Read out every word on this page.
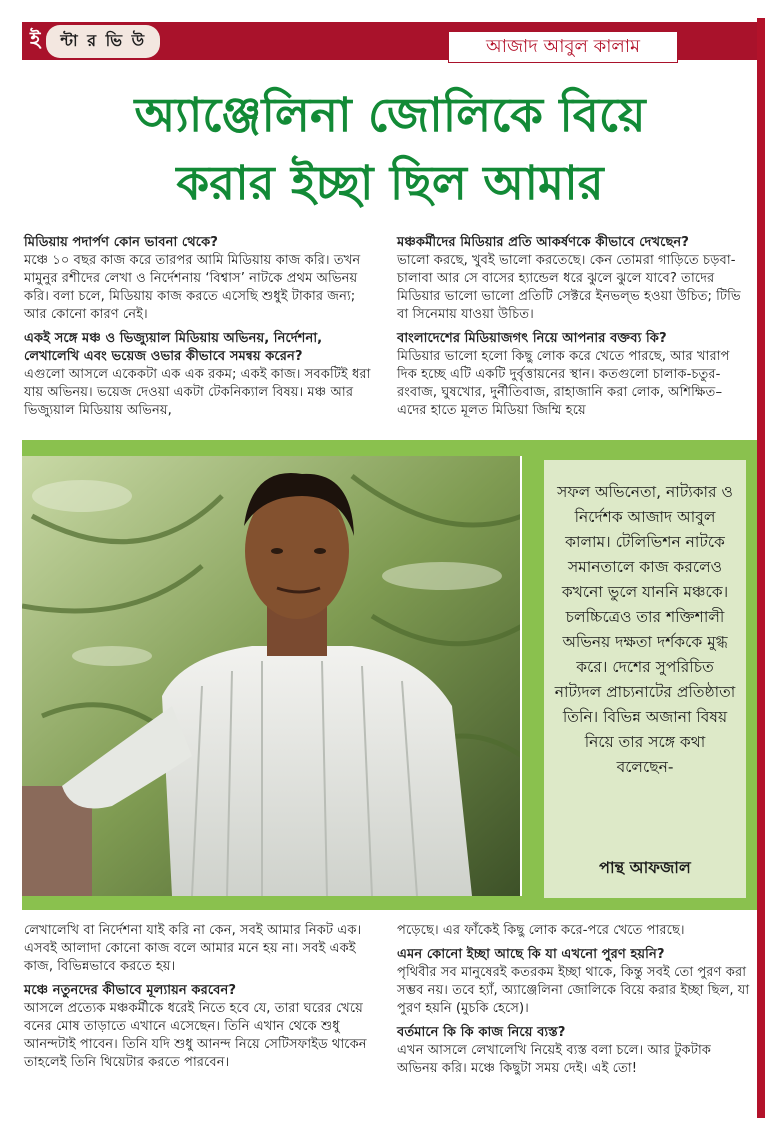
ই	ন্টা র ভি উ	আজাদ আবুল কালাম
অ্যাঞ্জেলিনা জোলিকে বিয়ে
করার ইচ্ছা ছিল আমার
মিডিয়ায় পদার্পণ কোন ভাবনা থেকে?
মঞ্চে ১০ বছর কাজ করে তারপর আমি মিডিয়ায় কাজ করি। তখন মামুনুর রশীদের লেখা ও নির্দেশনায় ‘বিশ্বাস’ নাটকে প্রথম অভিনয় করি। বলা চলে, মিডিয়ায় কাজ করতে এসেছি শুধুই টাকার জন্য; আর কোনো কারণ নেই।
একই সঙ্গে মঞ্চ ও ভিজ্যুয়াল মিডিয়ায় অভিনয়, নির্দেশনা, লেখালেখি এবং ভয়েজ ওভার কীভাবে সমন্বয় করেন?
এগুলো আসলে একেকটা এক এক রকম; একই কাজ। সবকটিই ধরা যায় অভিনয়। ভয়েজ দেওয়া একটা টেকনিক্যাল বিষয়। মঞ্চ আর ভিজ্যুয়াল মিডিয়ায় অভিনয়,
মঞ্চকর্মীদের মিডিয়ার প্রতি আকর্ষণকে কীভাবে দেখছেন?
ভালো করছে, খুবই ভালো করতেছে। কেন তোমরা গাড়িতে চড়বা-চালাবা আর সে বাসের হ্যান্ডেল ধরে ঝুলে ঝুলে যাবে? তাদের মিডিয়ার ভালো ভালো প্রতিটি সেক্টরে ইনভল্ভ হওয়া উচিত; টিভি বা সিনেমায় যাওয়া উচিত।
বাংলাদেশের মিডিয়াজগৎ নিয়ে আপনার বক্তব্য কি?
মিডিয়ার ভালো হলো কিছু লোক করে খেতে পারছে, আর খারাপ দিক হচ্ছে এটি একটি দুর্বৃত্তায়নের স্থান। কতগুলো চালাক-চতুর-রংবাজ, ঘুষখোর, দুর্নীতিবাজ, রাহাজানি করা লোক, অশিক্ষিত– এদের হাতে মূলত মিডিয়া জিম্মি হয়ে
সফল অভিনেতা, নাট্যকার ও নির্দেশক আজাদ আবুল কালাম। টেলিভিশন নাটকে সমানতালে কাজ করলেও কখনো ভুলে যাননি মঞ্চকে। চলচ্চিত্রেও তার শক্তিশালী অভিনয় দক্ষতা দর্শককে মুগ্ধ করে। দেশের সুপরিচিত নাট্যদল প্রাচ্যনাটের প্রতিষ্ঠাতা তিনি। বিভিন্ন অজানা বিষয় নিয়ে তার সঙ্গে কথা বলেছেন-
পান্থ আফজাল
লেখালেখি বা নির্দেশনা যাই করি না কেন, সবই আমার নিকট এক। এসবই আলাদা কোনো কাজ বলে আমার মনে হয় না। সবই একই কাজ, বিভিন্নভাবে করতে হয়।
মঞ্চে নতুনদের কীভাবে মূল্যায়ন করবেন?
আসলে প্রত্যেক মঞ্চকর্মীকে ধরেই নিতে হবে যে, তারা ঘরের খেয়ে বনের মোষ তাড়াতে এখানে এসেছেন। তিনি এখান থেকে শুধু আনন্দটাই পাবেন। তিনি যদি শুধু আনন্দ নিয়ে সেটিসফাইড থাকেন তাহলেই তিনি থিয়েটার করতে পারবেন।
পড়েছে। এর ফাঁকেই কিছু লোক করে-পরে খেতে পারছে।
এমন কোনো ইচ্ছা আছে কি যা এখনো পুরণ হয়নি?
পৃথিবীর সব মানুষেরই কতরকম ইচ্ছা থাকে, কিন্তু সবই তো পুরণ করা সম্ভব নয়। তবে হ্যাঁ, অ্যাঞ্জেলিনা জোলিকে বিয়ে করার ইচ্ছা ছিল, যা পুরণ হয়নি (মুচকি হেসে)।
বর্তমানে কি কি কাজ নিয়ে ব্যস্ত?
এখন আসলে লেখালেখি নিয়েই ব্যস্ত বলা চলে। আর টুকটাক অভিনয় করি। মঞ্চে কিছুটা সময় দেই। এই তো!
